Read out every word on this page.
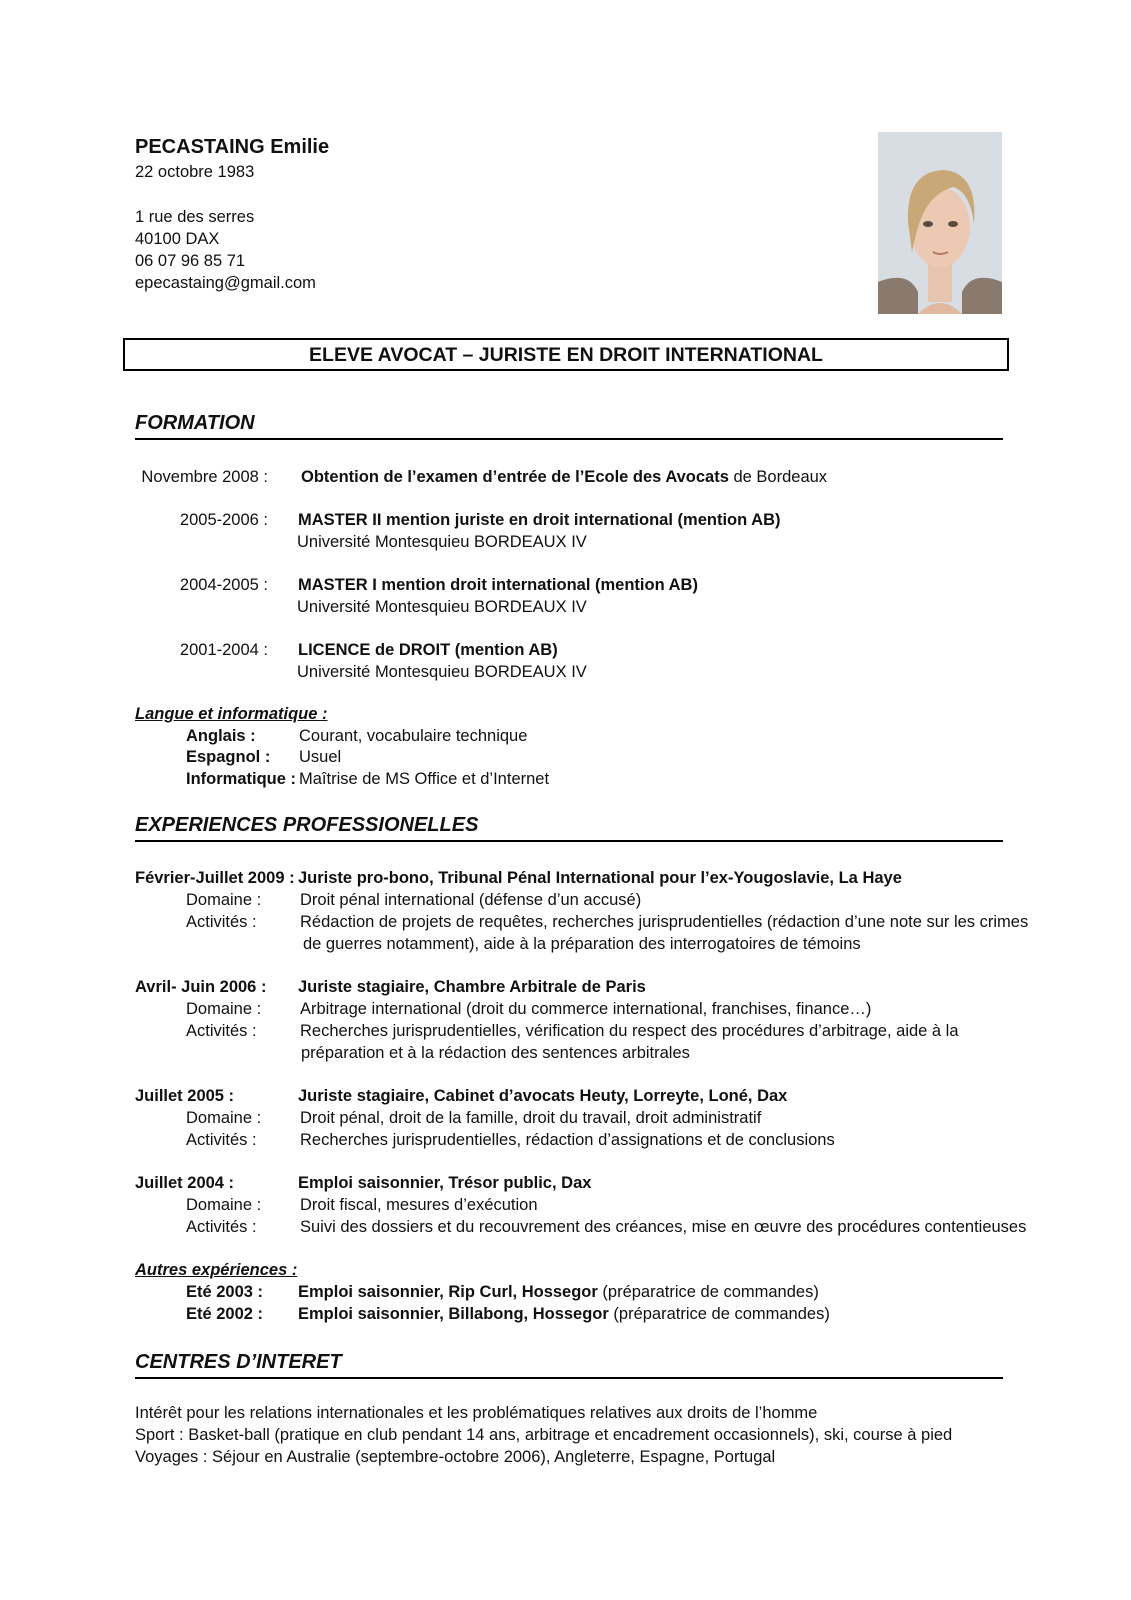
PECASTAING Emilie
22 octobre 1983
1 rue des serres
40100 DAX
06 07 96 85 71
epecastaing@gmail.com
ELEVE AVOCAT – JURISTE EN DROIT INTERNATIONAL
FORMATION
Novembre 2008 : Obtention de l’examen d’entrée de l’Ecole des Avocats de Bordeaux
2005-2006 : MASTER II mention juriste en droit international (mention AB)
Université Montesquieu BORDEAUX IV
2004-2005 : MASTER I mention droit international (mention AB)
Université Montesquieu BORDEAUX IV
2001-2004 : LICENCE de DROIT (mention AB)
Université Montesquieu BORDEAUX IV
Langue et informatique :
Anglais :	Courant, vocabulaire technique
Espagnol : Usuel
Informatique : Maîtrise de MS Office et d’Internet
EXPERIENCES PROFESSIONELLES
Février-Juillet 2009 : Juriste pro-bono, Tribunal Pénal International pour l’ex-Yougoslavie, La Haye
Domaine : Droit pénal international (défense d’un accusé)
Activités :	Rédaction de projets de requêtes, recherches jurisprudentielles (rédaction d’une note sur les crimes
de guerres notamment), aide à la préparation des interrogatoires de témoins
Avril- Juin 2006 : Juriste stagiaire, Chambre Arbitrale de Paris
Domaine : Arbitrage international (droit du commerce international, franchises, finance…)
Activités :	Recherches jurisprudentielles, vérification du respect des procédures d’arbitrage, aide à la
préparation et à la rédaction des sentences arbitrales
Juillet 2005 :	Juriste stagiaire, Cabinet d’avocats Heuty, Lorreyte, Loné, Dax
Domaine : Droit pénal, droit de la famille, droit du travail, droit administratif
Activités :	Recherches jurisprudentielles, rédaction d’assignations et de conclusions
Juillet 2004 :	Emploi saisonnier, Trésor public, Dax
Domaine : Droit fiscal, mesures d’exécution
Activités :	Suivi des dossiers et du recouvrement des créances, mise en œuvre des procédures contentieuses
Autres expériences :
Eté 2003 : Emploi saisonnier, Rip Curl, Hossegor (préparatrice de commandes)
Eté 2002 : Emploi saisonnier, Billabong, Hossegor (préparatrice de commandes)
CENTRES D’INTERET
Intérêt pour les relations internationales et les problématiques relatives aux droits de l’homme
Sport : Basket-ball (pratique en club pendant 14 ans, arbitrage et encadrement occasionnels), ski, course à pied
Voyages : Séjour en Australie (septembre-octobre 2006), Angleterre, Espagne, Portugal
